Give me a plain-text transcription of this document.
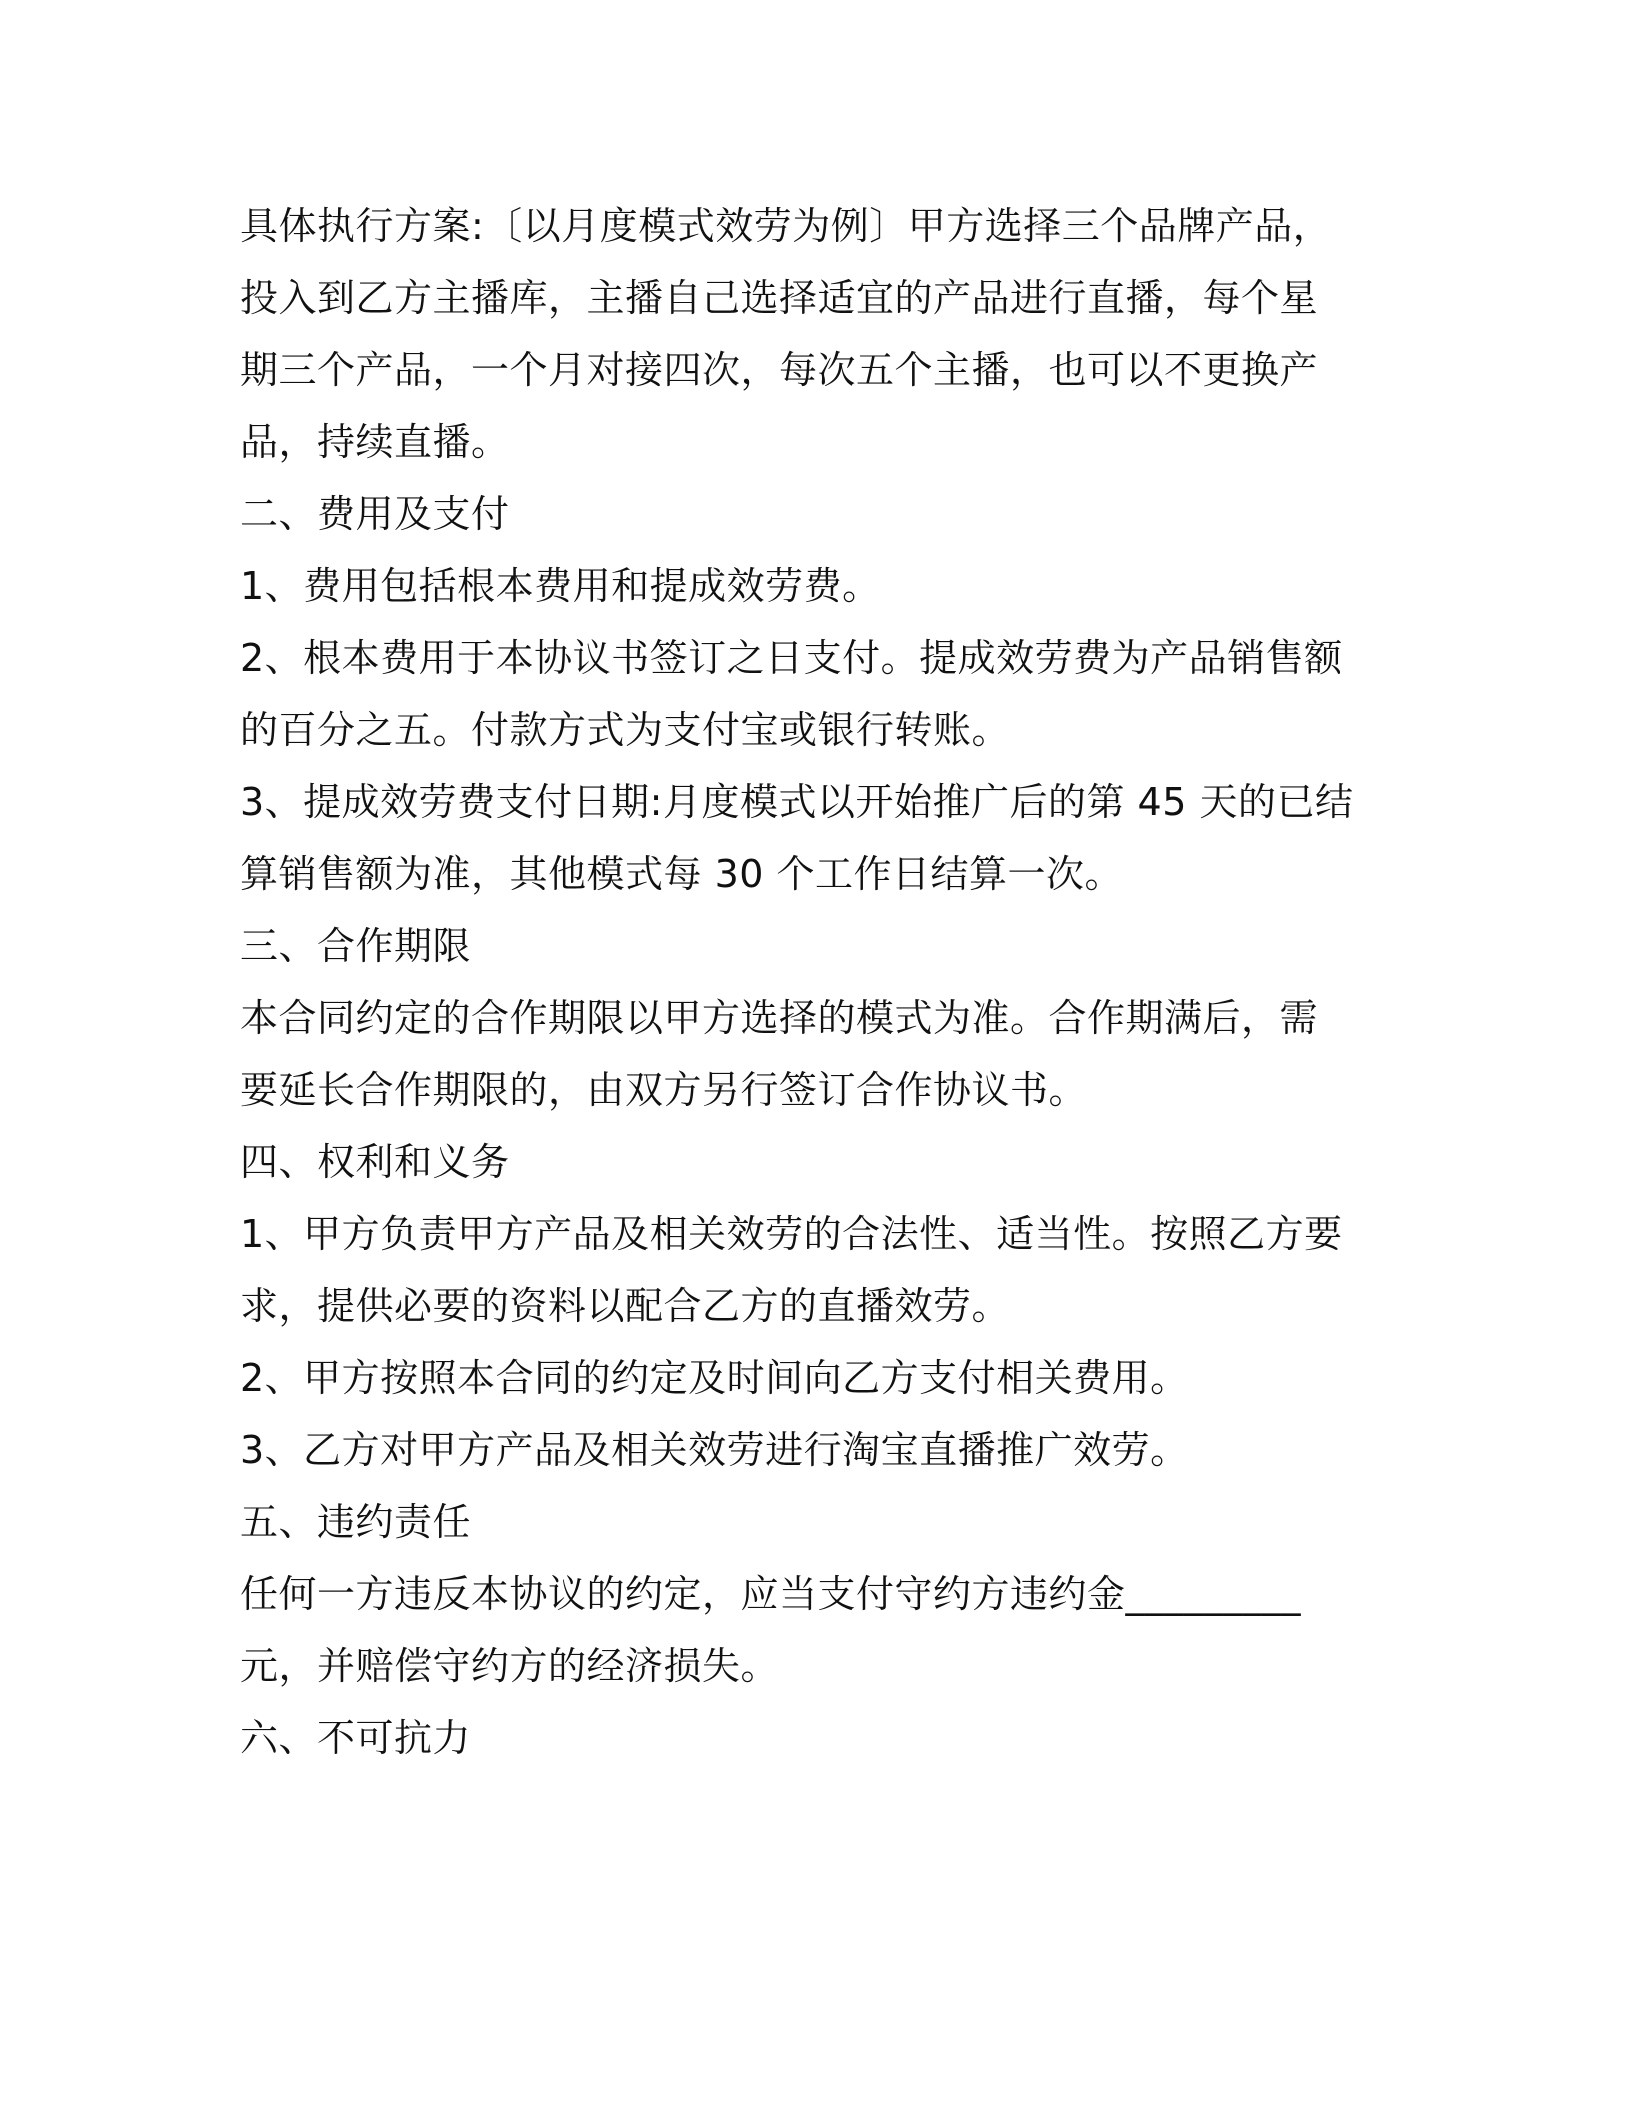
具体执行方案:〔以月度模式效劳为例〕甲方选择三个品牌产品，
投入到乙方主播库，主播自己选择适宜的产品进行直播，每个星
期三个产品，一个月对接四次，每次五个主播，也可以不更换产
品，持续直播。
二、费用及支付
1、费用包括根本费用和提成效劳费。
2、根本费用于本协议书签订之日支付。提成效劳费为产品销售额
的百分之五。付款方式为支付宝或银行转账。
3、提成效劳费支付日期:月度模式以开始推广后的第 45 天的已结
算销售额为准，其他模式每 30 个工作日结算一次。
三、合作期限
本合同约定的合作期限以甲方选择的模式为准。合作期满后，需
要延长合作期限的，由双方另行签订合作协议书。
四、权利和义务
1、甲方负责甲方产品及相关效劳的合法性、适当性。按照乙方要
求，提供必要的资料以配合乙方的直播效劳。
2、甲方按照本合同的约定及时间向乙方支付相关费用。
3、乙方对甲方产品及相关效劳进行淘宝直播推广效劳。
五、违约责任
任何一方违反本协议的约定，应当支付守约方违约金_________
元，并赔偿守约方的经济损失。
六、不可抗力
